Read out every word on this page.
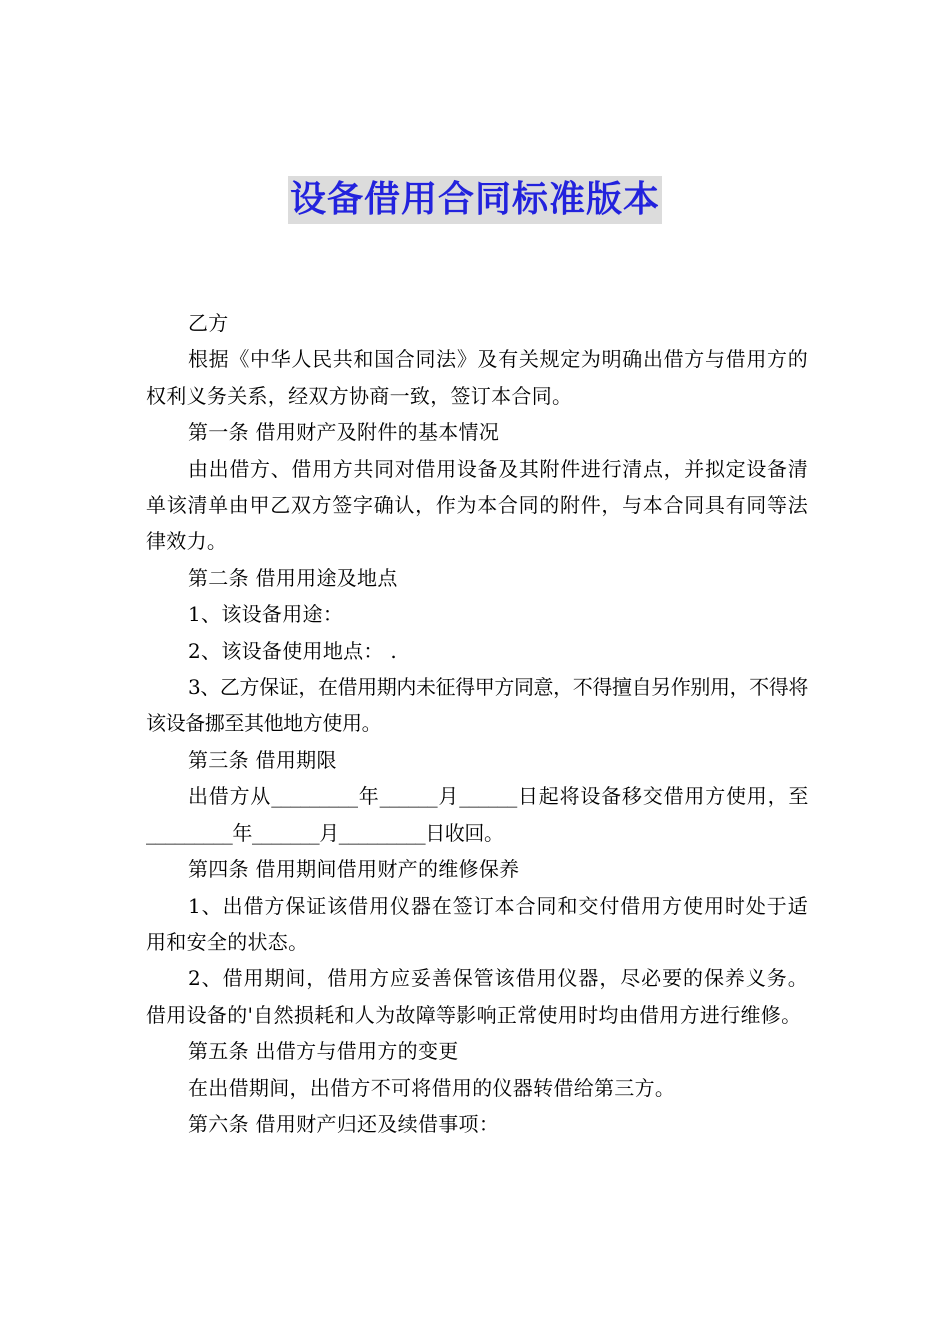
设备借用合同标准版本

乙方

根据《中华人民共和国合同法》及有关规定为明确出借方与借用方的权利义务关系，经双方协商一致，签订本合同。

第一条 借用财产及附件的基本情况

由出借方、借用方共同对借用设备及其附件进行清点，并拟定设备清单该清单由甲乙双方签字确认，作为本合同的附件，与本合同具有同等法律效力。

第二条 借用用途及地点

1、该设备用途：

2、该设备使用地点： .

3、乙方保证，在借用期内未征得甲方同意，不得擅自另作别用，不得将该设备挪至其他地方使用。

第三条 借用期限

出借方从_________年______月______日起将设备移交借用方使用，至_________年_______月_________日收回。

第四条 借用期间借用财产的维修保养

1、出借方保证该借用仪器在签订本合同和交付借用方使用时处于适用和安全的状态。

2、借用期间，借用方应妥善保管该借用仪器，尽必要的保养义务。借用设备的'自然损耗和人为故障等影响正常使用时均由借用方进行维修。

第五条 出借方与借用方的变更

在出借期间，出借方不可将借用的仪器转借给第三方。

第六条 借用财产归还及续借事项：
